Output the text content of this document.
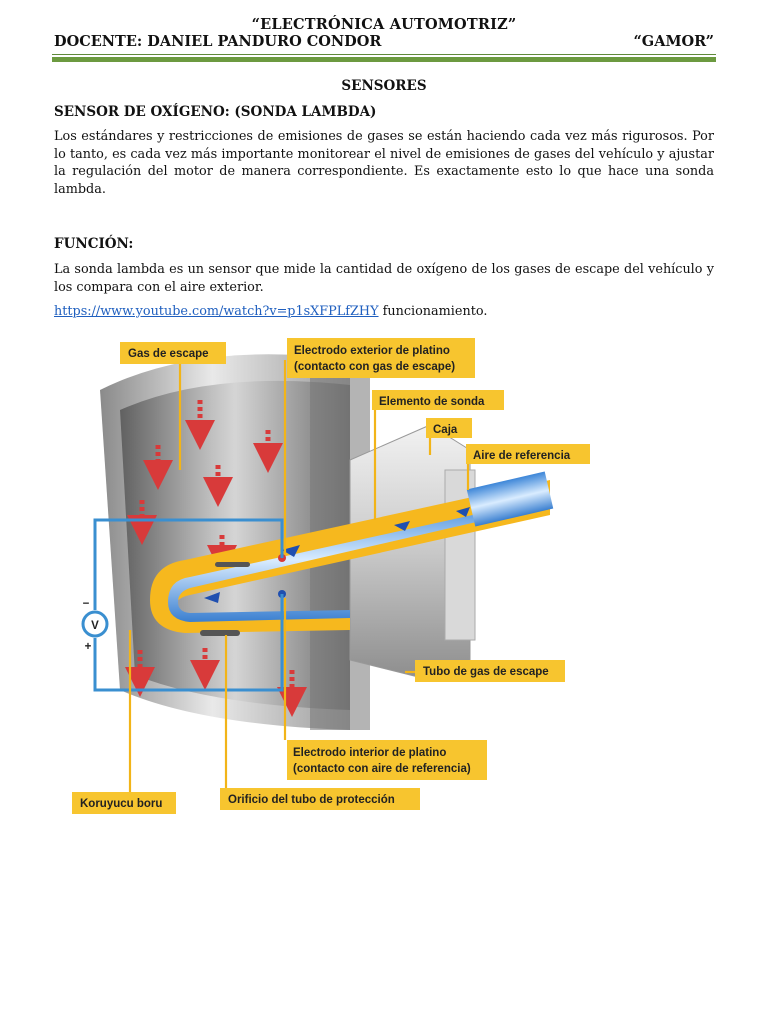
“ELECTRÓNICA AUTOMOTRIZ”
DOCENTE: DANIEL PANDURO CONDOR	“GAMOR”
SENSORES
SENSOR DE OXÍGENO: (SONDA LAMBDA)
Los estándares y restricciones de emisiones de gases se están haciendo cada vez más rigurosos. Por lo tanto, es cada vez más importante monitorear el nivel de emisiones de gases del vehículo y ajustar la regulación del motor de manera correspondiente. Es exactamente esto lo que hace una sonda lambda.
FUNCIÓN:
La sonda lambda es un sensor que mide la cantidad de oxígeno de los gases de escape del vehículo y los compara con el aire exterior.
https://www.youtube.com/watch?v=p1sXFPLfZHY funcionamiento.
V
−
+
Gas de escape	Electrodo exterior de platino
(contacto con gas de escape)
Elemento de sonda
Caja
Aire de referencia
Tubo de gas de escape
Electrodo interior de platino
(contacto con aire de referencia)
Koruyucu boru	Orificio del tubo de protección
